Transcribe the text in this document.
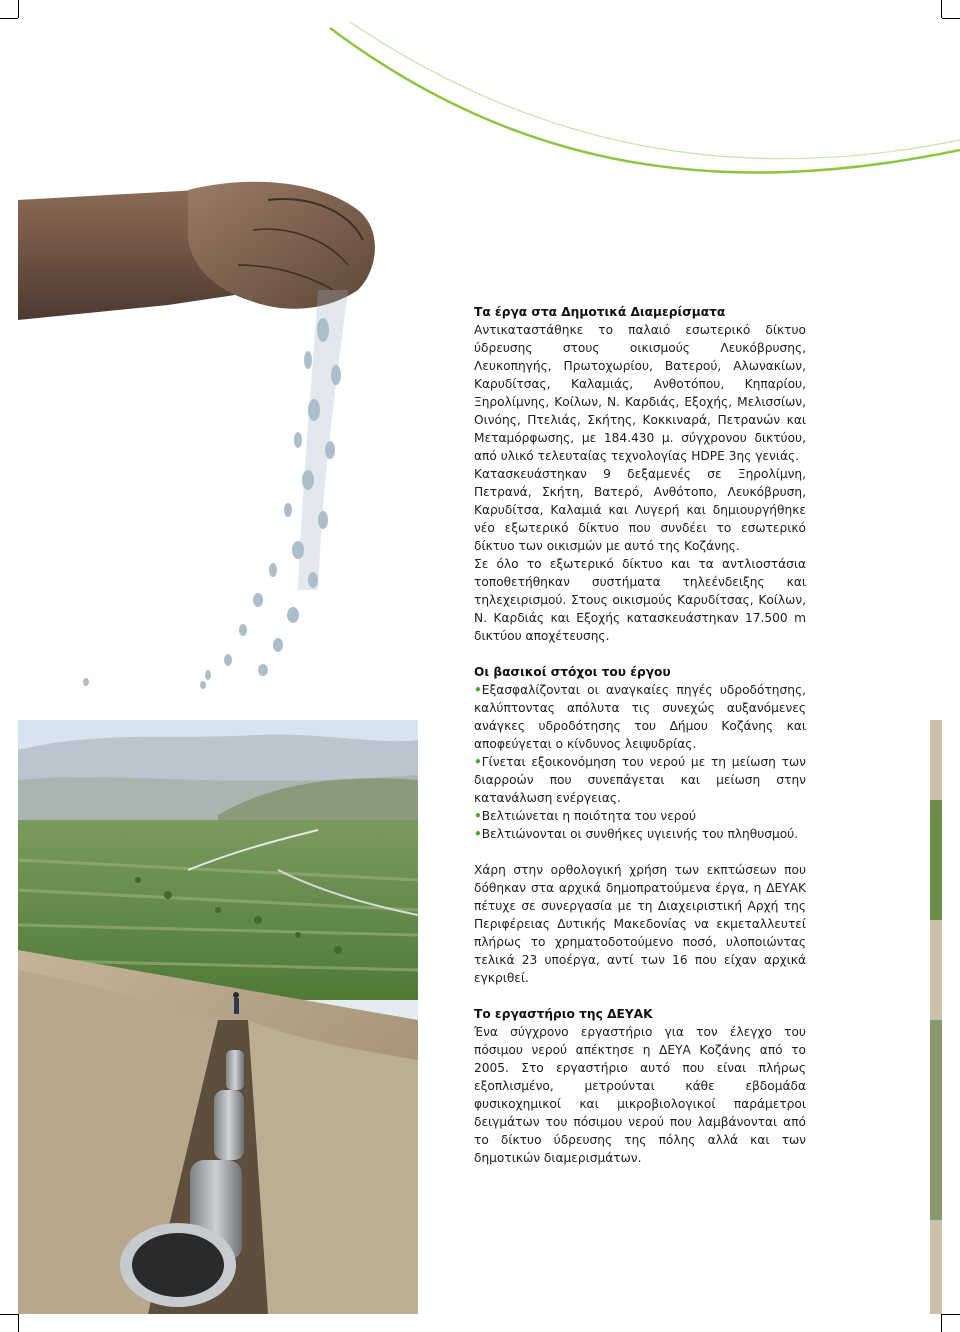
Τα έργα στα Δημοτικά Διαμερίσματα

Αντικαταστάθηκε το παλαιό εσωτερικό δίκτυο ύδρευσης στους οικισμούς Λευκόβρυσης, Λευκοπηγής, Πρωτοχωρίου, Βατερού, Αλωνακίων, Καρυδίτσας, Καλαμιάς, Ανθοτόπου, Κηπαρίου, Ξηρολίμνης, Κοίλων, Ν. Καρδιάς, Εξοχής, Μελισσίων, Οινόης, Πτελιάς, Σκήτης, Κοκκιναρά, Πετρανών και Μεταμόρφωσης, με 184.430 μ. σύγχρονου δικτύου, από υλικό τελευταίας τεχνολογίας HDPE 3ης γενιάς.

Κατασκευάστηκαν 9 δεξαμενές σε Ξηρολίμνη, Πετρανά, Σκήτη, Βατερό, Ανθότοπο, Λευκόβρυση, Καρυδίτσα, Καλαμιά και Λυγερή και δημιουργήθηκε νέο εξωτερικό δίκτυο που συνδέει το εσωτερικό δίκτυο των οικισμών με αυτό της Κοζάνης.

Σε όλο το εξωτερικό δίκτυο και τα αντλιοστάσια τοποθετήθηκαν συστήματα τηλεένδειξης και τηλεχειρισμού. Στους οικισμούς Καρυδίτσας, Κοίλων, Ν. Καρδιάς και Εξοχής κατασκευάστηκαν 17.500 m δικτύου αποχέτευσης.

Οι βασικοί στόχοι του έργου

•Εξασφαλίζονται οι αναγκαίες πηγές υδροδότησης, καλύπτοντας απόλυτα τις συνεχώς αυξανόμενες ανάγκες υδροδότησης του Δήμου Κοζάνης και αποφεύγεται ο κίνδυνος λειψυδρίας.

•Γίνεται εξοικονόμηση του νερού με τη μείωση των διαρροών που συνεπάγεται και μείωση στην κατανάλωση ενέργειας.

•Βελτιώνεται η ποιότητα του νερού

•Βελτιώνονται οι συνθήκες υγιεινής του πληθυσμού.

Χάρη στην ορθολογική χρήση των εκπτώσεων που δόθηκαν στα αρχικά δημοπρατούμενα έργα, η ΔΕΥΑΚ πέτυχε σε συνεργασία με τη Διαχειριστική Αρχή της Περιφέρειας Δυτικής Μακεδονίας να εκμεταλλευτεί πλήρως το χρηματοδοτούμενο ποσό, υλοποιώντας τελικά 23 υποέργα, αντί των 16 που είχαν αρχικά εγκριθεί.

Το εργαστήριο της ΔΕΥΑΚ

Ένα σύγχρονο εργαστήριο για τον έλεγχο του πόσιμου νερού απέκτησε η ΔΕΥΑ Κοζάνης από το 2005. Στο εργαστήριο αυτό που είναι πλήρως εξοπλισμένο, μετρούνται κάθε εβδομάδα φυσικοχημικοί και μικροβιολογικοί παράμετροι δειγμάτων του πόσιμου νερού που λαμβάνονται από το δίκτυο ύδρευσης της πόλης αλλά και των δημοτικών διαμερισμάτων.
